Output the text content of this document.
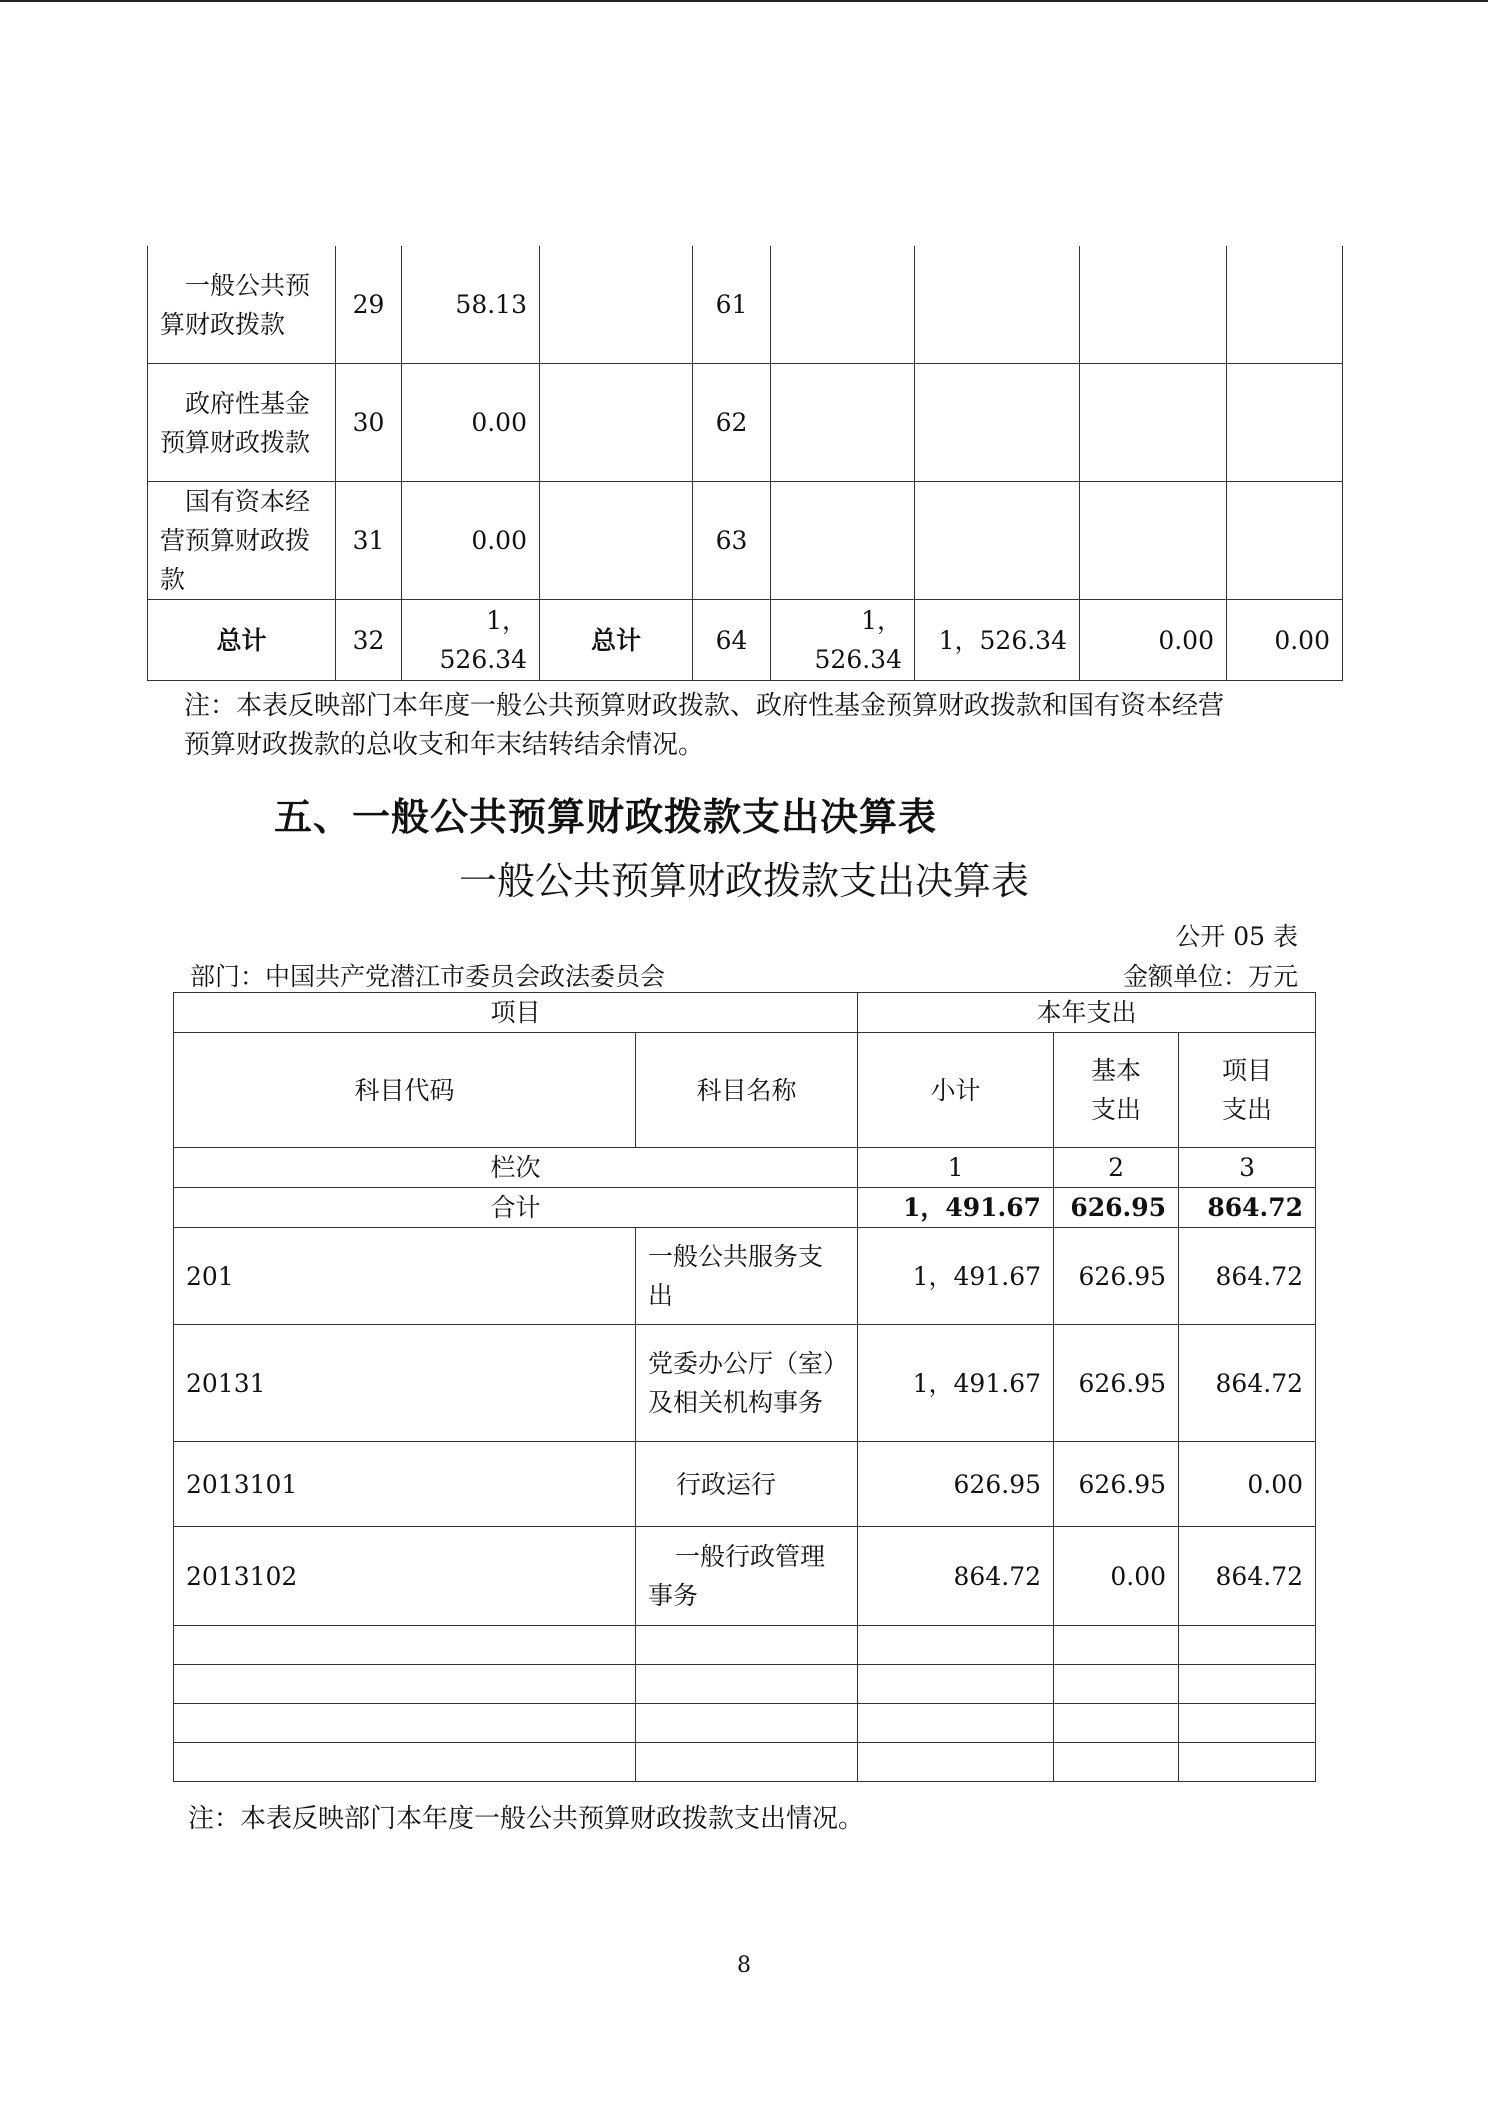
一般公共预算财政拨款	29	58.13		61				
政府性基金预算财政拨款	30	0.00		62				
国有资本经营预算财政拨款	31	0.00		63				
总计	32	1，526.34	总计	64	1，526.34	1，526.34	0.00	0.00
注：本表反映部门本年度一般公共预算财政拨款、政府性基金预算财政拨款和国有资本经营预算财政拨款的总收支和年末结转结余情况。
五、一般公共预算财政拨款支出决算表
一般公共预算财政拨款支出决算表
公开 05 表
部门：中国共产党潜江市委员会政法委员会	金额单位：万元
项目		本年支出		
科目代码	科目名称	小计	基本支出	项目支出
栏次		1	2	3
合计		1，491.67	626.95	864.72
201	一般公共服务支出	1，491.67	626.95	864.72
20131	党委办公厅（室）及相关机构事务	1，491.67	626.95	864.72
2013101	行政运行	626.95	626.95	0.00
2013102	一般行政管理事务	864.72	0.00	864.72

注：本表反映部门本年度一般公共预算财政拨款支出情况。
8
